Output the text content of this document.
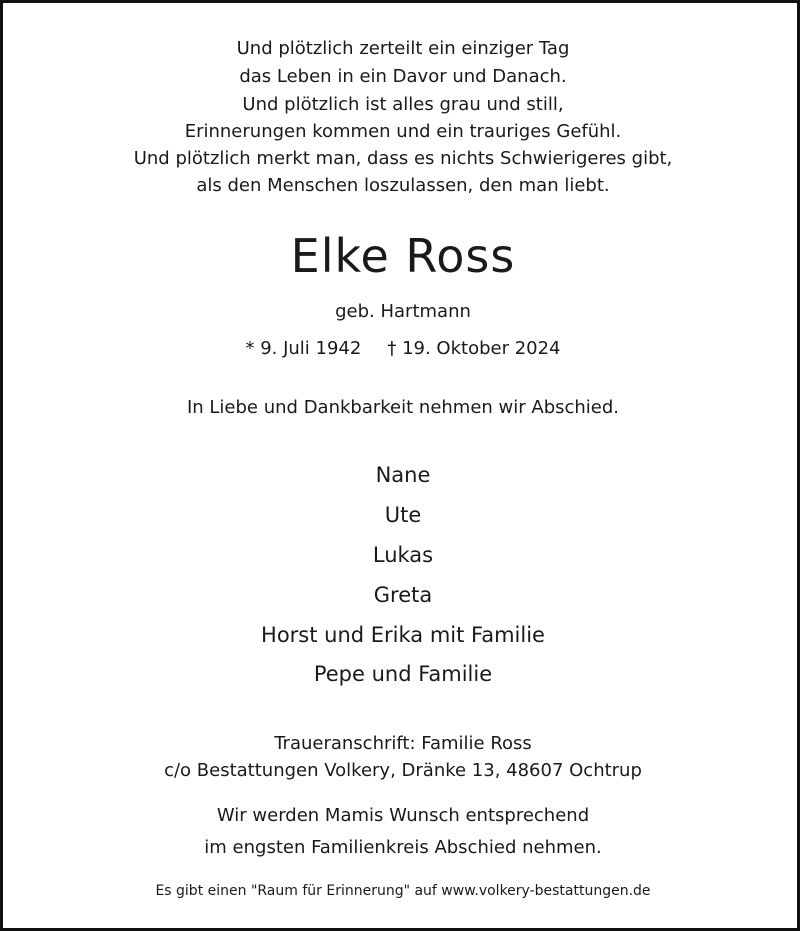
Und plötzlich zerteilt ein einziger Tag
das Leben in ein Davor und Danach.
Und plötzlich ist alles grau und still,
Erinnerungen kommen und ein trauriges Gefühl.
Und plötzlich merkt man, dass es nichts Schwierigeres gibt,
als den Menschen loszulassen, den man liebt.
Elke Ross
geb. Hartmann
* 9. Juli 1942 † 19. Oktober 2024
In Liebe und Dankbarkeit nehmen wir Abschied.
Nane
Ute
Lukas
Greta
Horst und Erika mit Familie
Pepe und Familie
Traueranschrift: Familie Ross
c/o Bestattungen Volkery, Dränke 13, 48607 Ochtrup
Wir werden Mamis Wunsch entsprechend
im engsten Familienkreis Abschied nehmen.
Es gibt einen "Raum für Erinnerung" auf www.volkery-bestattungen.de
